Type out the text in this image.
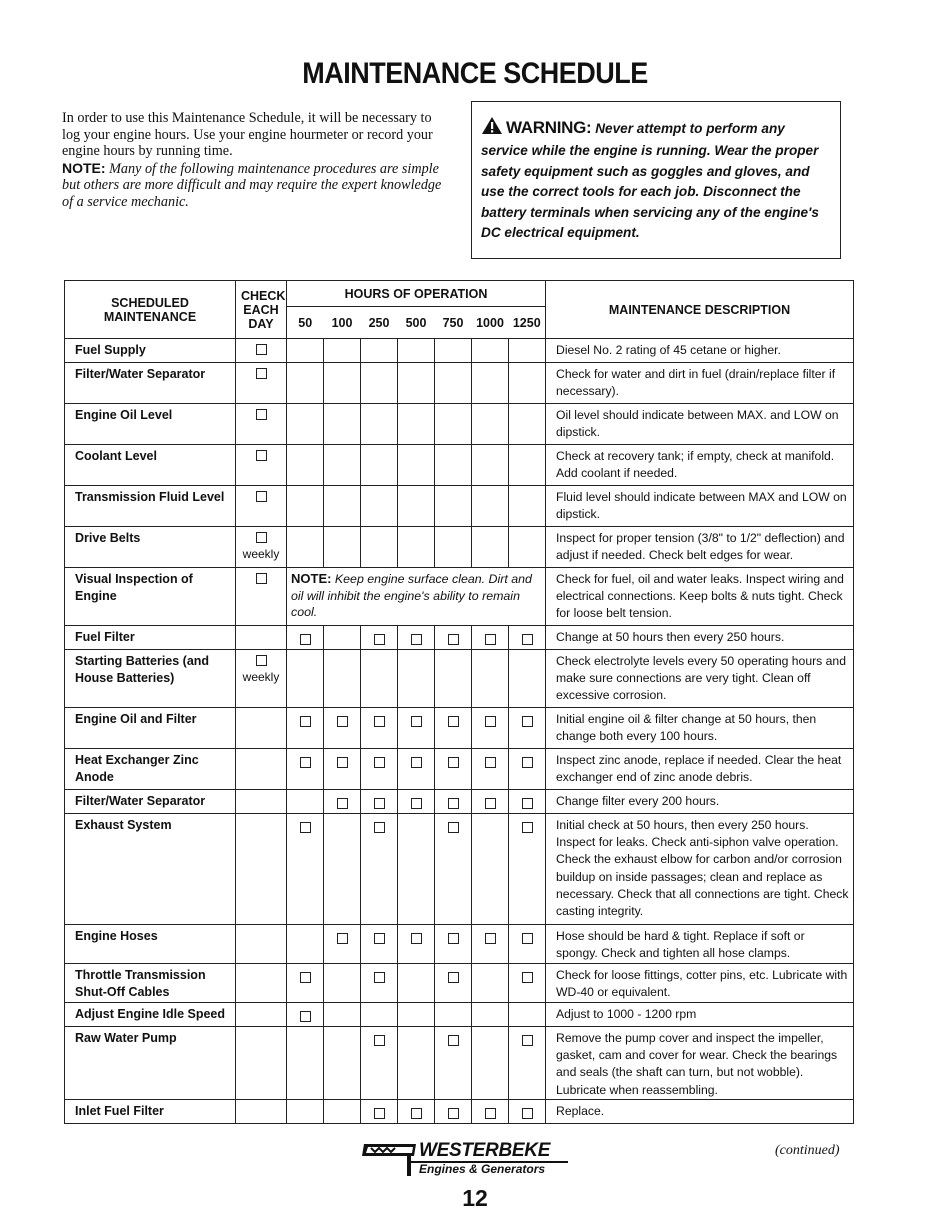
MAINTENANCE SCHEDULE
In order to use this Maintenance Schedule, it will be necessary to log your engine hours. Use your engine hourmeter or record your engine hours by running time.
NOTE: Many of the following maintenance procedures are simple but others are more difficult and may require the expert knowledge of a service mechanic.
WARNING: Never attempt to perform any service while the engine is running. Wear the proper safety equipment such as goggles and gloves, and use the correct tools for each job. Disconnect the battery terminals when servicing any of the engine's DC electrical equipment.
SCHEDULED MAINTENANCE	CHECK EACH DAY	HOURS OF OPERATION							MAINTENANCE DESCRIPTION
		50	100	250	500	750	1000	1250	
Fuel Supply									Diesel No. 2 rating of 45 cetane or higher.
Filter/Water Separator									Check for water and dirt in fuel (drain/replace filter if necessary).
Engine Oil Level									Oil level should indicate between MAX. and LOW on dipstick.
Coolant Level									Check at recovery tank; if empty, check at manifold. Add coolant if needed.
Transmission Fluid Level									Fluid level should indicate between MAX and LOW on dipstick.
Drive Belts	weekly								Inspect for proper tension (3/8" to 1/2" deflection) and adjust if needed. Check belt edges for wear.
Visual Inspection of Engine		NOTE: Keep engine surface clean. Dirt and oil will inhibit the engine's ability to remain cool.							Check for fuel, oil and water leaks. Inspect wiring and electrical connections. Keep bolts & nuts tight. Check for loose belt tension.
Fuel Filter									Change at 50 hours then every 250 hours.
Starting Batteries (and House Batteries)	weekly								Check electrolyte levels every 50 operating hours and make sure connections are very tight. Clean off excessive corrosion.
Engine Oil and Filter									Initial engine oil & filter change at 50 hours, then change both every 100 hours.
Heat Exchanger Zinc Anode									Inspect zinc anode, replace if needed. Clear the heat exchanger end of zinc anode debris.
Filter/Water Separator									Change filter every 200 hours.
Exhaust System									Initial check at 50 hours, then every 250 hours. Inspect for leaks. Check anti-siphon valve operation. Check the exhaust elbow for carbon and/or corrosion buildup on inside passages; clean and replace as necessary. Check that all connections are tight. Check casting integrity.
Engine Hoses									Hose should be hard & tight. Replace if soft or spongy. Check and tighten all hose clamps.
Throttle Transmission Shut-Off Cables									Check for loose fittings, cotter pins, etc. Lubricate with WD-40 or equivalent.
Adjust Engine Idle Speed									Adjust to 1000 - 1200 rpm
Raw Water Pump									Remove the pump cover and inspect the impeller, gasket, cam and cover for wear. Check the bearings and seals (the shaft can turn, but not wobble). Lubricate when reassembling.
Inlet Fuel Filter									Replace.
WESTERBEKE
Engines & Generators
(continued)
12
